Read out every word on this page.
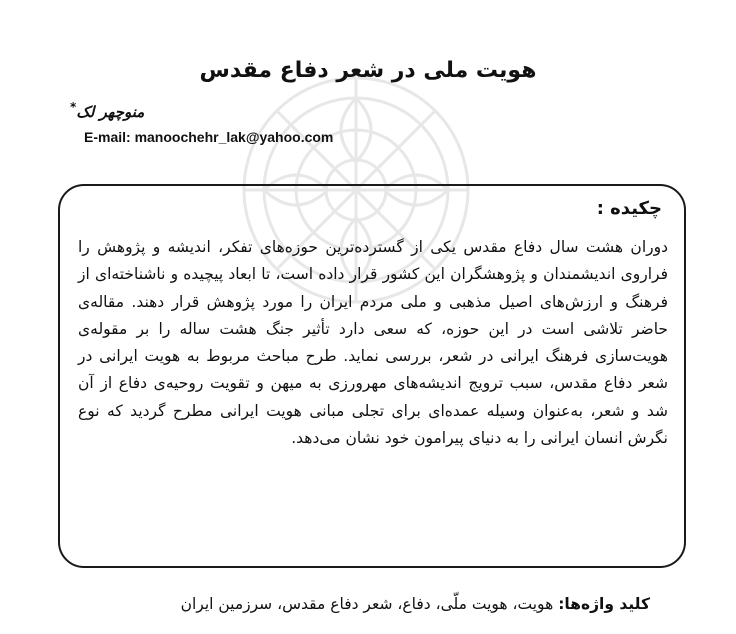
هویت ملی در شعر دفاع مقدس
منوچهر لک*
E-mail: manoochehr_lak@yahoo.com
چکیده :

دوران هشت سال دفاع مقدس یکی از گسترده‌ترین حوزه‌های تفکر، اندیشه و پژوهش را فراروی اندیشمندان و پژوهشگران این کشور قرار داده است، تا ابعاد پیچیده و ناشناخته‌ای از فرهنگ و ارزش‌های اصیل مذهبی و ملی مردم ایران را مورد پژوهش قرار دهند. مقاله‌ی حاضر تلاشی است در این حوزه، که سعی دارد تأثیر جنگ هشت ساله را بر مقوله‌ی هویت‌سازی فرهنگ ایرانی در شعر، بررسی نماید. طرح مباحث مربوط به هویت ایرانی در شعر دفاع مقدس، سبب ترویج اندیشه‌های مهرورزی به میهن و تقویت روحیه‌ی دفاع از آن شد و شعر، به‌عنوان وسیله عمده‌ای برای تجلی مبانی هویت ایرانی مطرح گردید که نوع نگرش انسان ایرانی را به دنیای پیرامون خود نشان می‌دهد.

کلید واژه‌ها: هویت، هویت ملّی، دفاع، شعر دفاع مقدس، سرزمین ایران
